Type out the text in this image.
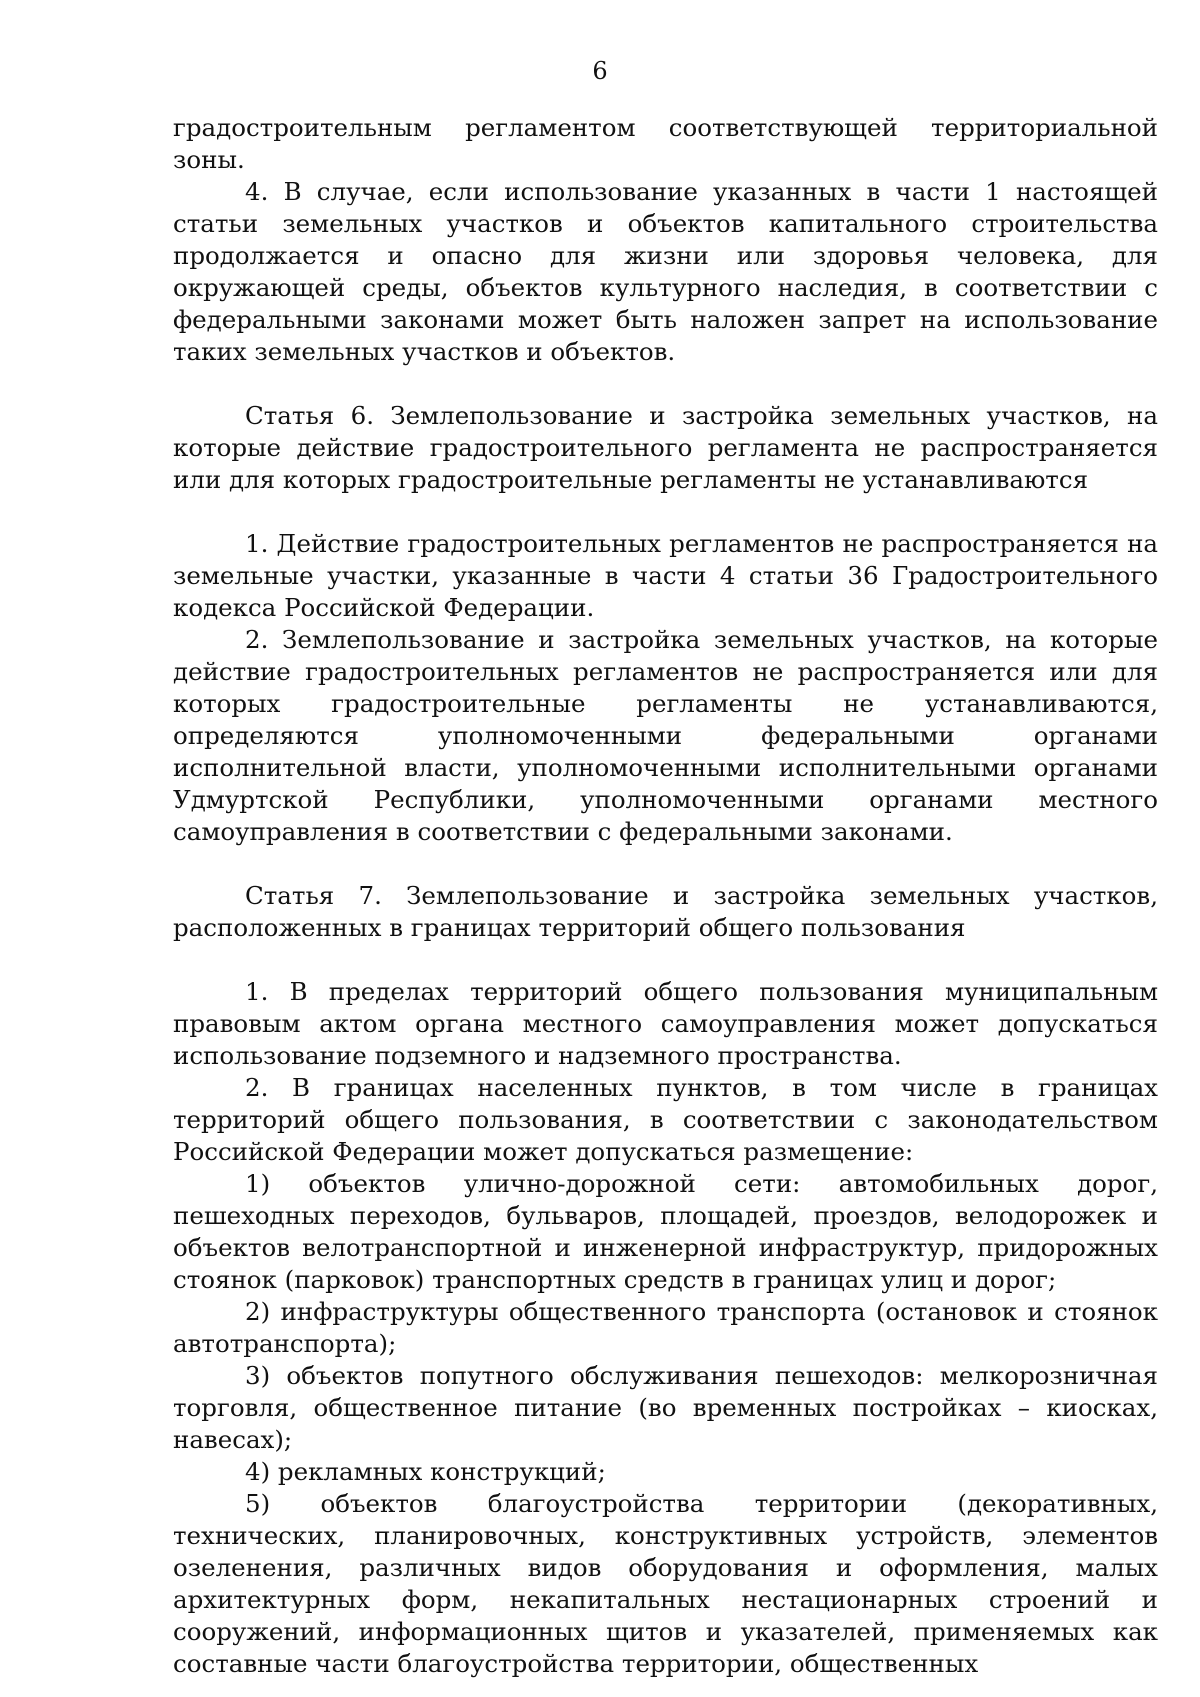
6

градостроительным регламентом соответствующей территориальной зоны.

4. В случае, если использование указанных в части 1 настоящей статьи земельных участков и объектов капитального строительства продолжается и опасно для жизни или здоровья человека, для окружающей среды, объектов культурного наследия, в соответствии с федеральными законами может быть наложен запрет на использование таких земельных участков и объектов.

Статья 6. Землепользование и застройка земельных участков, на которые действие градостроительного регламента не распространяется или для которых градостроительные регламенты не устанавливаются

1. Действие градостроительных регламентов не распространяется на земельные участки, указанные в части 4 статьи 36 Градостроительного кодекса Российской Федерации.

2. Землепользование и застройка земельных участков, на которые действие градостроительных регламентов не распространяется или для которых градостроительные регламенты не устанавливаются, определяются уполномоченными федеральными органами исполнительной власти, уполномоченными исполнительными органами Удмуртской Республики, уполномоченными органами местного самоуправления в соответствии с федеральными законами.

Статья 7. Землепользование и застройка земельных участков, расположенных в границах территорий общего пользования

1. В пределах территорий общего пользования муниципальным правовым актом органа местного самоуправления может допускаться использование подземного и надземного пространства.

2. В границах населенных пунктов, в том числе в границах территорий общего пользования, в соответствии с законодательством Российской Федерации может допускаться размещение:

1) объектов улично-дорожной сети: автомобильных дорог, пешеходных переходов, бульваров, площадей, проездов, велодорожек и объектов велотранспортной и инженерной инфраструктур, придорожных стоянок (парковок) транспортных средств в границах улиц и дорог;

2) инфраструктуры общественного транспорта (остановок и стоянок автотранспорта);

3) объектов попутного обслуживания пешеходов: мелкорозничная торговля, общественное питание (во временных постройках – киосках, навесах);

4) рекламных конструкций;

5) объектов благоустройства территории (декоративных, технических, планировочных, конструктивных устройств, элементов озеленения, различных видов оборудования и оформления, малых архитектурных форм, некапитальных нестационарных строений и сооружений, информационных щитов и указателей, применяемых как составные части благоустройства территории, общественных
